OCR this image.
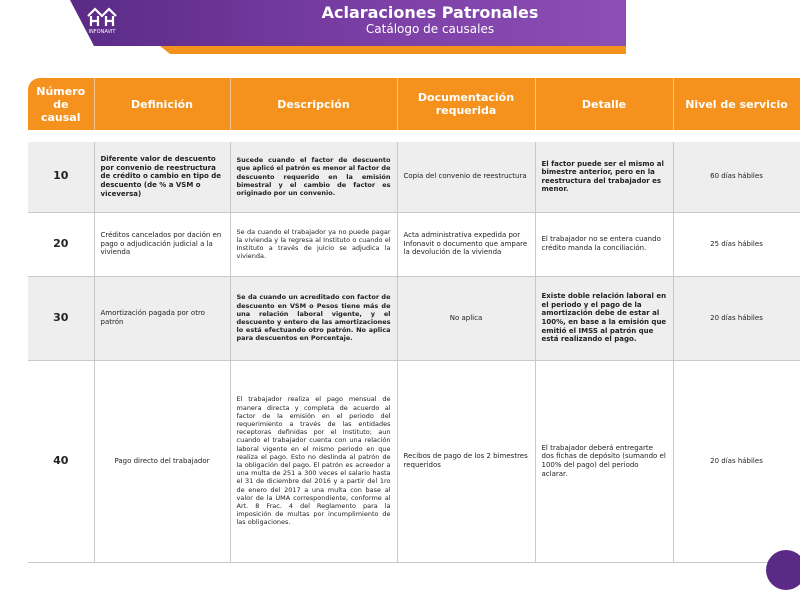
INFONAVIT
Aclaraciones Patronales
Catálogo de causales
Número de causal	Definición	Descripción	Documentación requerida	Detalle	Nivel de servicio

10	Diferente valor de descuento por convenio de reestructura de crédito o cambio en tipo de descuento (de % a VSM o viceversa)	Sucede cuando el factor de descuento que aplicó el patrón es menor al factor de descuento requerido en la emisión bimestral y el cambio de factor es originado por un convenio.	Copia del convenio de reestructura	El factor puede ser el mismo al bimestre anterior, pero en la reestructura del trabajador es menor.	60 días hábiles
20	Créditos cancelados por dación en pago o adjudicación judicial a la vivienda	Se da cuando el trabajador ya no puede pagar la vivienda y la regresa al Instituto o cuando el Instituto a través de juicio se adjudica la vivienda.	Acta administrativa expedida por Infonavit o documento que ampare la devolución de la vivienda	El trabajador no se entera cuando crédito manda la conciliación.	25 días hábiles
30	Amortización pagada por otro patrón	Se da cuando un acreditado con factor de descuento en VSM o Pesos tiene más de una relación laboral vigente, y el descuento y entero de las amortizaciones lo está efectuando otro patrón. No aplica para descuentos en Porcentaje.	No aplica	Existe doble relación laboral en el periodo y el pago de la amortización debe de estar al 100%, en base a la emisión que emitió el IMSS al patrón que está realizando el pago.	20 días hábiles
40	Pago directo del trabajador	El trabajador realiza el pago mensual de manera directa y completa de acuerdo al factor de la emisión en el periodo del requerimiento a través de las entidades receptoras definidas por el Instituto; aun cuando el trabajador cuenta con una relación laboral vigente en el mismo periodo en que realiza el pago. Esto no deslinda al patrón de la obligación del pago. El patrón es acreedor a una multa de 251 a 300 veces el salario hasta el 31 de diciembre del 2016 y a partir del 1ro de enero del 2017 a una multa con base al valor de la UMA correspondiente, conforme al Art. 8 Frac. 4 del Reglamento para la imposición de multas por incumplimiento de las obligaciones.	Recibos de pago de los 2 bimestres requeridos	El trabajador deberá entregarte dos fichas de depósito (sumando el 100% del pago) del periodo aclarar.	20 días hábiles
